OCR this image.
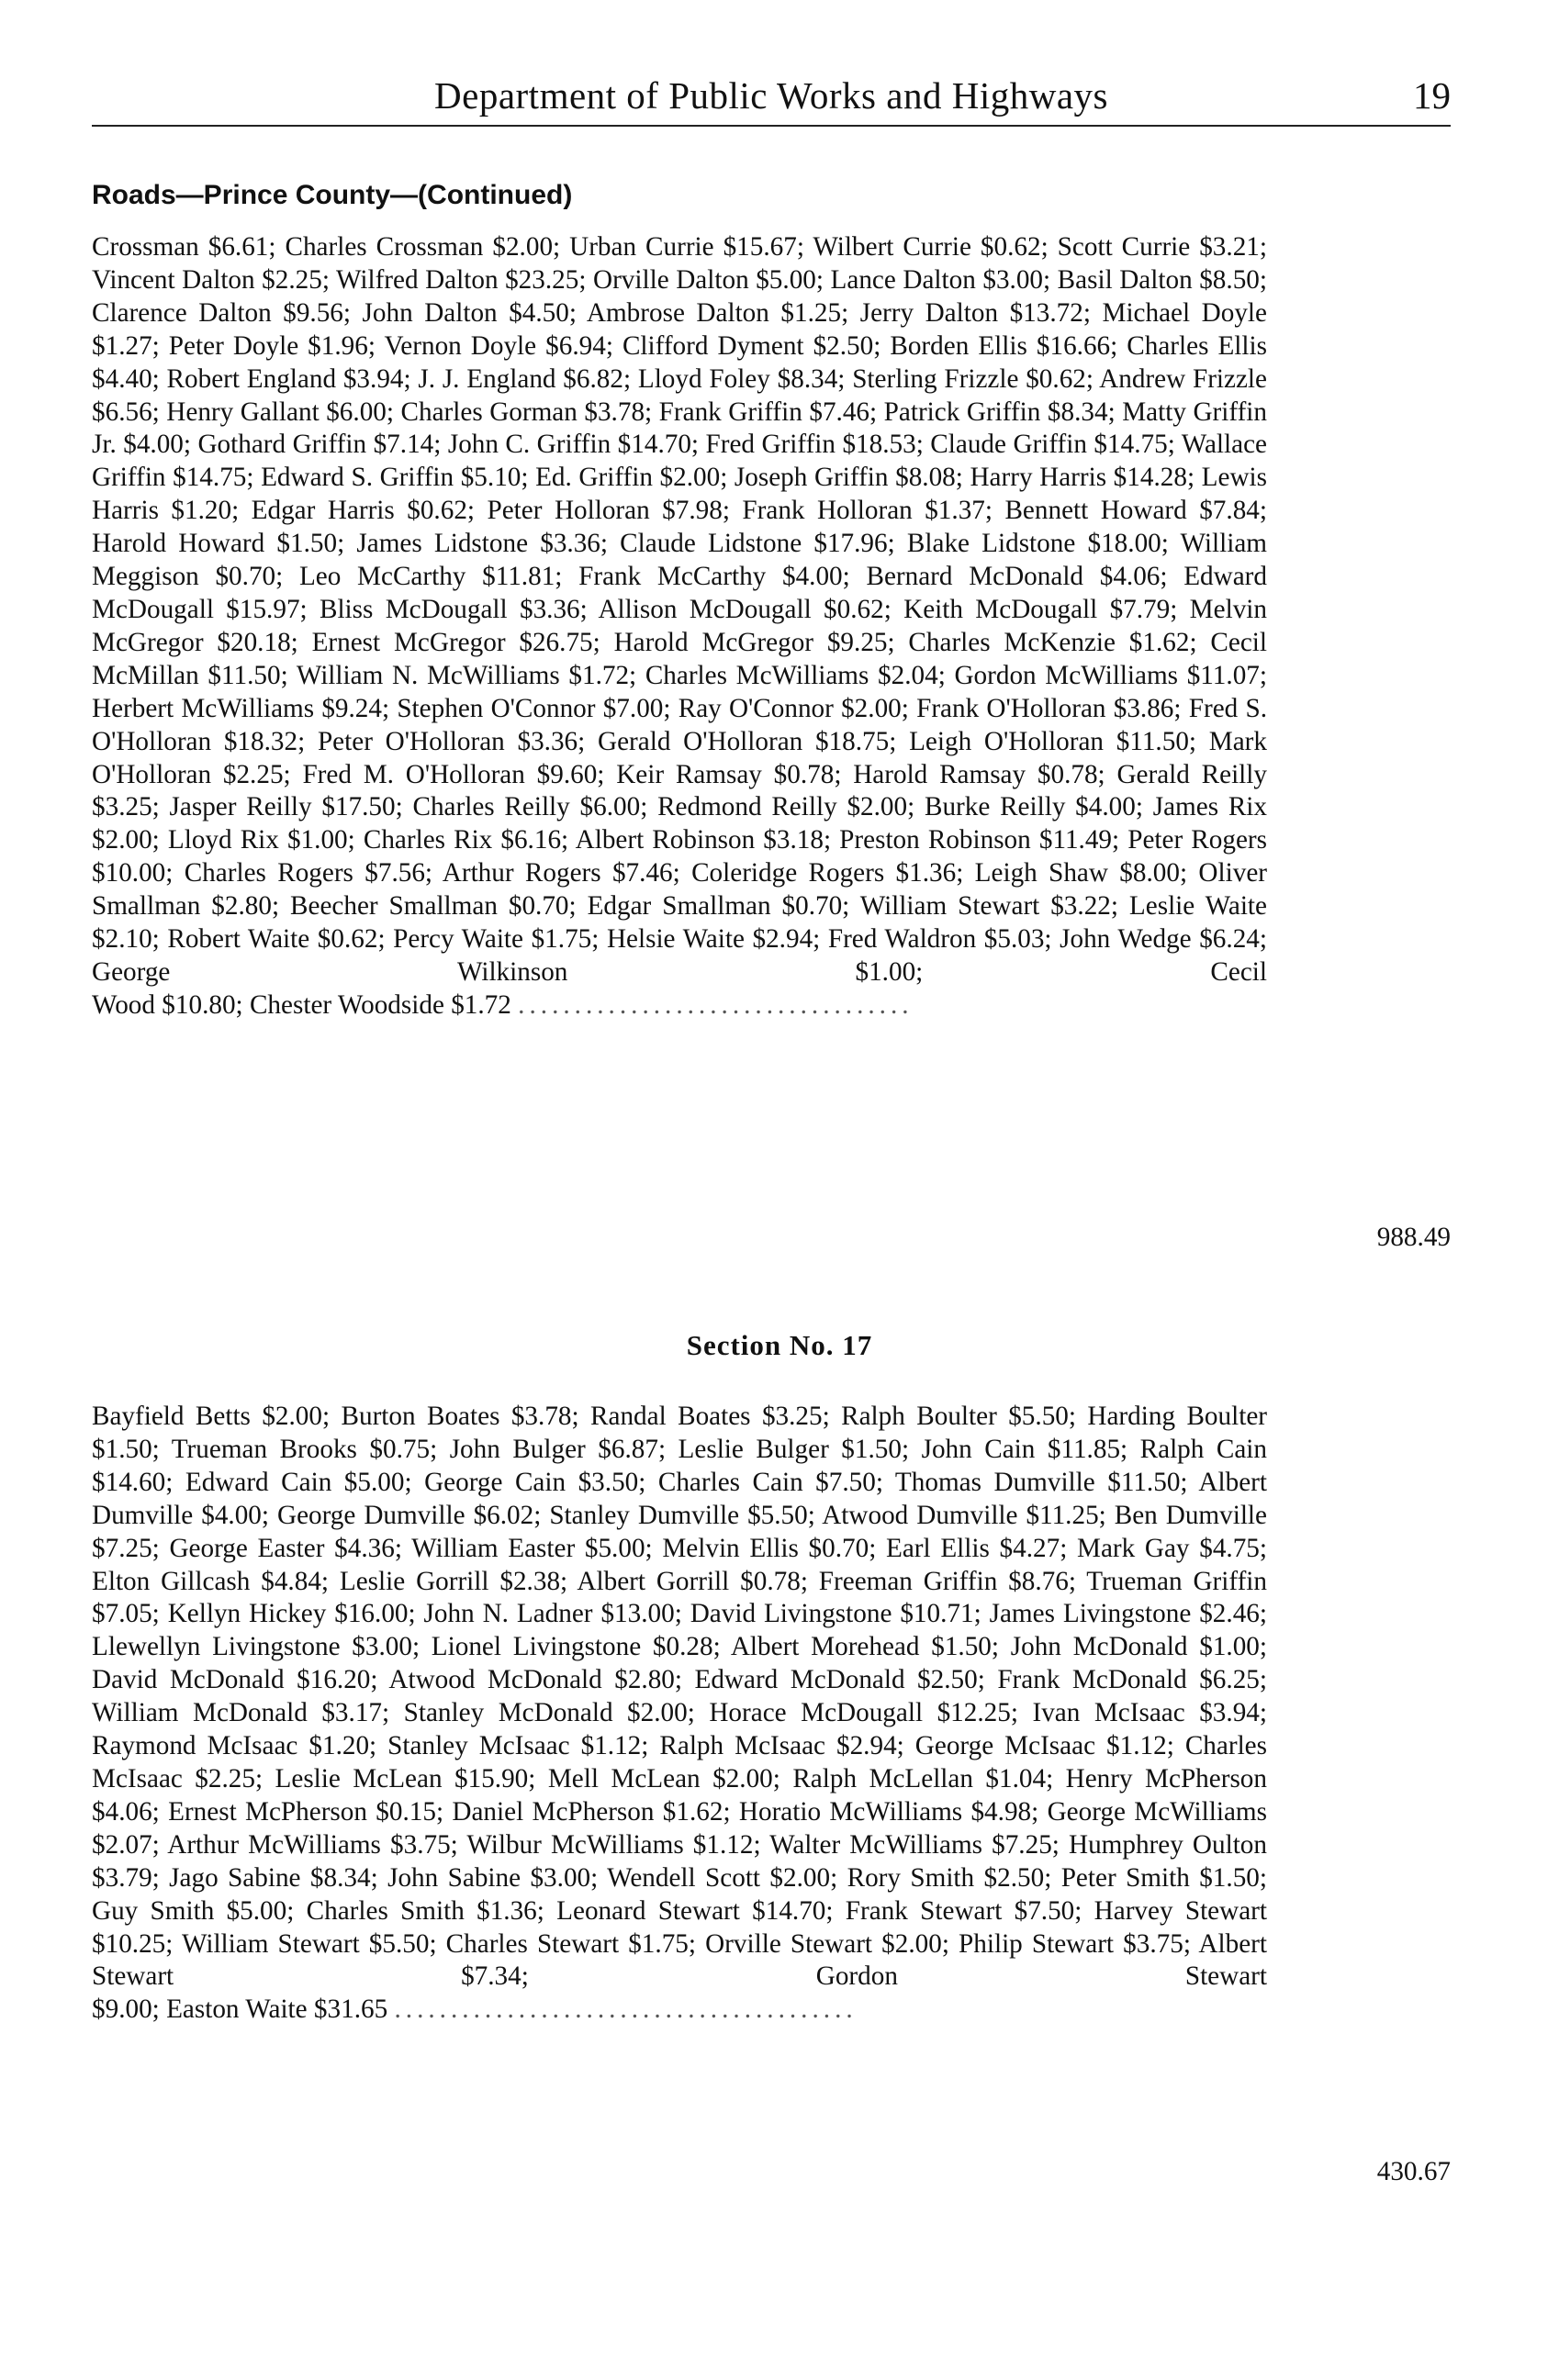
Department of Public Works and Highways	19
Roads—Prince County—(Continued)
Crossman $6.61; Charles Crossman $2.00; Urban Currie $15.67; Wilbert Currie $0.62; Scott Currie $3.21; Vincent Dalton $2.25; Wilfred Dalton $23.25; Orville Dalton $5.00; Lance Dalton $3.00; Basil Dalton $8.50; Clarence Dalton $9.56; John Dalton $4.50; Ambrose Dalton $1.25; Jerry Dalton $13.72; Michael Doyle $1.27; Peter Doyle $1.96; Vernon Doyle $6.94; Clifford Dyment $2.50; Borden Ellis $16.66; Charles Ellis $4.40; Robert England $3.94; J. J. England $6.82; Lloyd Foley $8.34; Sterling Frizzle $0.62; Andrew Frizzle $6.56; Henry Gallant $6.00; Charles Gorman $3.78; Frank Griffin $7.46; Patrick Griffin $8.34; Matty Griffin Jr. $4.00; Gothard Griffin $7.14; John C. Griffin $14.70; Fred Griffin $18.53; Claude Griffin $14.75; Wallace Griffin $14.75; Edward S. Griffin $5.10; Ed. Griffin $2.00; Joseph Griffin $8.08; Harry Harris $14.28; Lewis Harris $1.20; Edgar Harris $0.62; Peter Holloran $7.98; Frank Holloran $1.37; Bennett Howard $7.84; Harold Howard $1.50; James Lidstone $3.36; Claude Lidstone $17.96; Blake Lidstone $18.00; William Meggison $0.70; Leo McCarthy $11.81; Frank McCarthy $4.00; Bernard McDonald $4.06; Edward McDougall $15.97; Bliss McDougall $3.36; Allison McDougall $0.62; Keith McDougall $7.79; Melvin McGregor $20.18; Ernest McGregor $26.75; Harold McGregor $9.25; Charles McKenzie $1.62; Cecil McMillan $11.50; William N. McWilliams $1.72; Charles McWilliams $2.04; Gordon McWilliams $11.07; Herbert McWilliams $9.24; Stephen O'Connor $7.00; Ray O'Connor $2.00; Frank O'Holloran $3.86; Fred S. O'Holloran $18.32; Peter O'Holloran $3.36; Gerald O'Holloran $18.75; Leigh O'Holloran $11.50; Mark O'Holloran $2.25; Fred M. O'Holloran $9.60; Keir Ramsay $0.78; Harold Ramsay $0.78; Gerald Reilly $3.25; Jasper Reilly $17.50; Charles Reilly $6.00; Redmond Reilly $2.00; Burke Reilly $4.00; James Rix $2.00; Lloyd Rix $1.00; Charles Rix $6.16; Albert Robinson $3.18; Preston Robinson $11.49; Peter Rogers $10.00; Charles Rogers $7.56; Arthur Rogers $7.46; Coleridge Rogers $1.36; Leigh Shaw $8.00; Oliver Smallman $2.80; Beecher Smallman $0.70; Edgar Smallman $0.70; William Stewart $3.22; Leslie Waite $2.10; Robert Waite $0.62; Percy Waite $1.75; Helsie Waite $2.94; Fred Waldron $5.03; John Wedge $6.24; George Wilkinson $1.00; Cecil
Wood $10.80; Chester Woodside $1.72 ...................................
988.49
Section No. 17
Bayfield Betts $2.00; Burton Boates $3.78; Randal Boates $3.25; Ralph Boulter $5.50; Harding Boulter $1.50; Trueman Brooks $0.75; John Bulger $6.87; Leslie Bulger $1.50; John Cain $11.85; Ralph Cain $14.60; Edward Cain $5.00; George Cain $3.50; Charles Cain $7.50; Thomas Dumville $11.50; Albert Dumville $4.00; George Dumville $6.02; Stanley Dumville $5.50; Atwood Dumville $11.25; Ben Dumville $7.25; George Easter $4.36; William Easter $5.00; Melvin Ellis $0.70; Earl Ellis $4.27; Mark Gay $4.75; Elton Gillcash $4.84; Leslie Gorrill $2.38; Albert Gorrill $0.78; Freeman Griffin $8.76; Trueman Griffin $7.05; Kellyn Hickey $16.00; John N. Ladner $13.00; David Livingstone $10.71; James Livingstone $2.46; Llewellyn Livingstone $3.00; Lionel Livingstone $0.28; Albert Morehead $1.50; John McDonald $1.00; David McDonald $16.20; Atwood McDonald $2.80; Edward McDonald $2.50; Frank McDonald $6.25; William McDonald $3.17; Stanley McDonald $2.00; Horace McDougall $12.25; Ivan McIsaac $3.94; Raymond McIsaac $1.20; Stanley McIsaac $1.12; Ralph McIsaac $2.94; George McIsaac $1.12; Charles McIsaac $2.25; Leslie McLean $15.90; Mell McLean $2.00; Ralph McLellan $1.04; Henry McPherson $4.06; Ernest McPherson $0.15; Daniel McPherson $1.62; Horatio McWilliams $4.98; George McWilliams $2.07; Arthur McWilliams $3.75; Wilbur McWilliams $1.12; Walter McWilliams $7.25; Humphrey Oulton $3.79; Jago Sabine $8.34; John Sabine $3.00; Wendell Scott $2.00; Rory Smith $2.50; Peter Smith $1.50; Guy Smith $5.00; Charles Smith $1.36; Leonard Stewart $14.70; Frank Stewart $7.50; Harvey Stewart $10.25; William Stewart $5.50; Charles Stewart $1.75; Orville Stewart $2.00; Philip Stewart $3.75; Albert Stewart $7.34; Gordon Stewart
$9.00; Easton Waite $31.65 .........................................
430.67
